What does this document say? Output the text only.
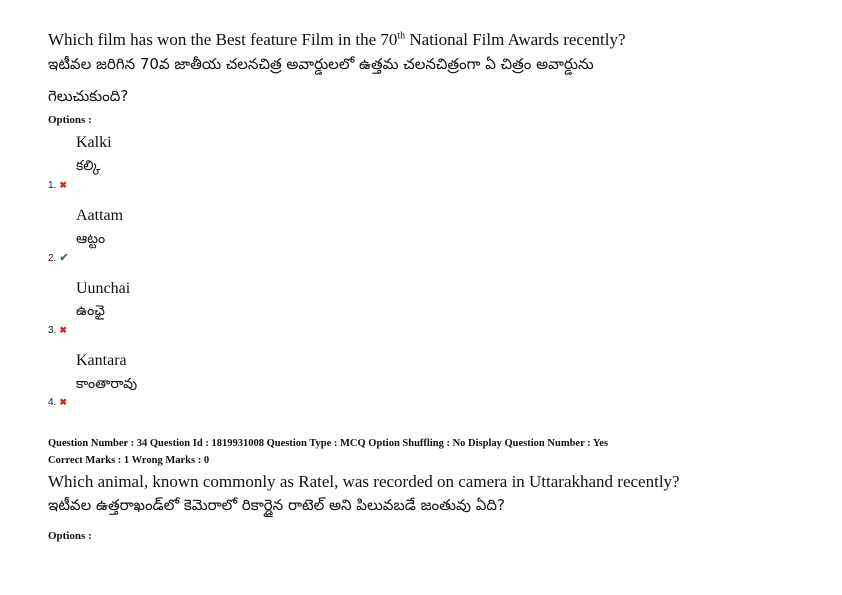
Which film has won the Best feature Film in the 70th National Film Awards recently?
ఇటీవల జరిగిన 70వ జాతీయ చలనచిత్ర అవార్డులలో ఉత్తమ చలనచిత్రంగా ఏ చిత్రం అవార్డును
గెలుచుకుంది?
Options :
Kalki
కల్కి
1. ✖
Aattam
ఆట్టం
2. ✔
Uunchai
ఉంఛై
3. ✖
Kantara
కాంతారావు
4. ✖
Question Number : 34 Question Id : 1819931008 Question Type : MCQ Option Shuffling : No Display Question Number : Yes
Correct Marks : 1 Wrong Marks : 0
Which animal, known commonly as Ratel, was recorded on camera in Uttarakhand recently?
ఇటీవల ఉత్తరాఖండ్‌లో కెమెరాలో రికార్డైన రాటెల్ అని పిలువబడే జంతువు ఏది?
Options :
